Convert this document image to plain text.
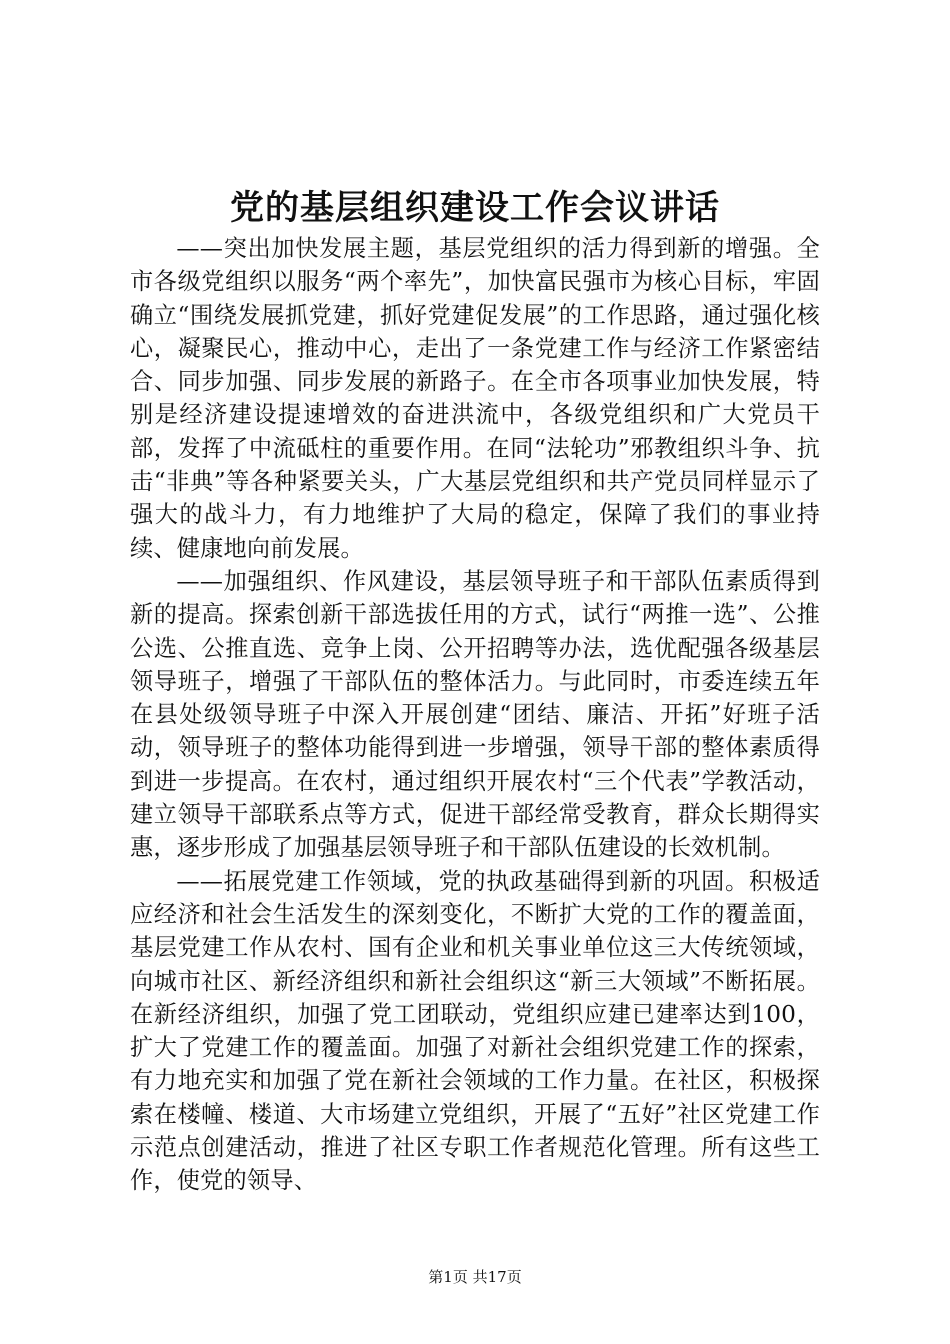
党的基层组织建设工作会议讲话

——突出加快发展主题，基层党组织的活力得到新的增强。全市各级党组织以服务“两个率先”，加快富民强市为核心目标，牢固确立“围绕发展抓党建，抓好党建促发展”的工作思路，通过强化核心，凝聚民心，推动中心，走出了一条党建工作与经济工作紧密结合、同步加强、同步发展的新路子。在全市各项事业加快发展，特别是经济建设提速增效的奋进洪流中，各级党组织和广大党员干部，发挥了中流砥柱的重要作用。在同“法轮功”邪教组织斗争、抗击“非典”等各种紧要关头，广大基层党组织和共产党员同样显示了强大的战斗力，有力地维护了大局的稳定，保障了我们的事业持续、健康地向前发展。

——加强组织、作风建设，基层领导班子和干部队伍素质得到新的提高。探索创新干部选拔任用的方式，试行“两推一选”、公推公选、公推直选、竞争上岗、公开招聘等办法，选优配强各级基层领导班子，增强了干部队伍的整体活力。与此同时，市委连续五年在县处级领导班子中深入开展创建“团结、廉洁、开拓”好班子活动，领导班子的整体功能得到进一步增强，领导干部的整体素质得到进一步提高。在农村，通过组织开展农村“三个代表”学教活动，建立领导干部联系点等方式，促进干部经常受教育，群众长期得实惠，逐步形成了加强基层领导班子和干部队伍建设的长效机制。

——拓展党建工作领域，党的执政基础得到新的巩固。积极适应经济和社会生活发生的深刻变化，不断扩大党的工作的覆盖面，基层党建工作从农村、国有企业和机关事业单位这三大传统领域，向城市社区、新经济组织和新社会组织这“新三大领域”不断拓展。在新经济组织，加强了党工团联动，党组织应建已建率达到100，扩大了党建工作的覆盖面。加强了对新社会组织党建工作的探索，有力地充实和加强了党在新社会领域的工作力量。在社区，积极探索在楼幢、楼道、大市场建立党组织，开展了“五好”社区党建工作示范点创建活动，推进了社区专职工作者规范化管理。所有这些工作，使党的领导、

第1页 共17页
